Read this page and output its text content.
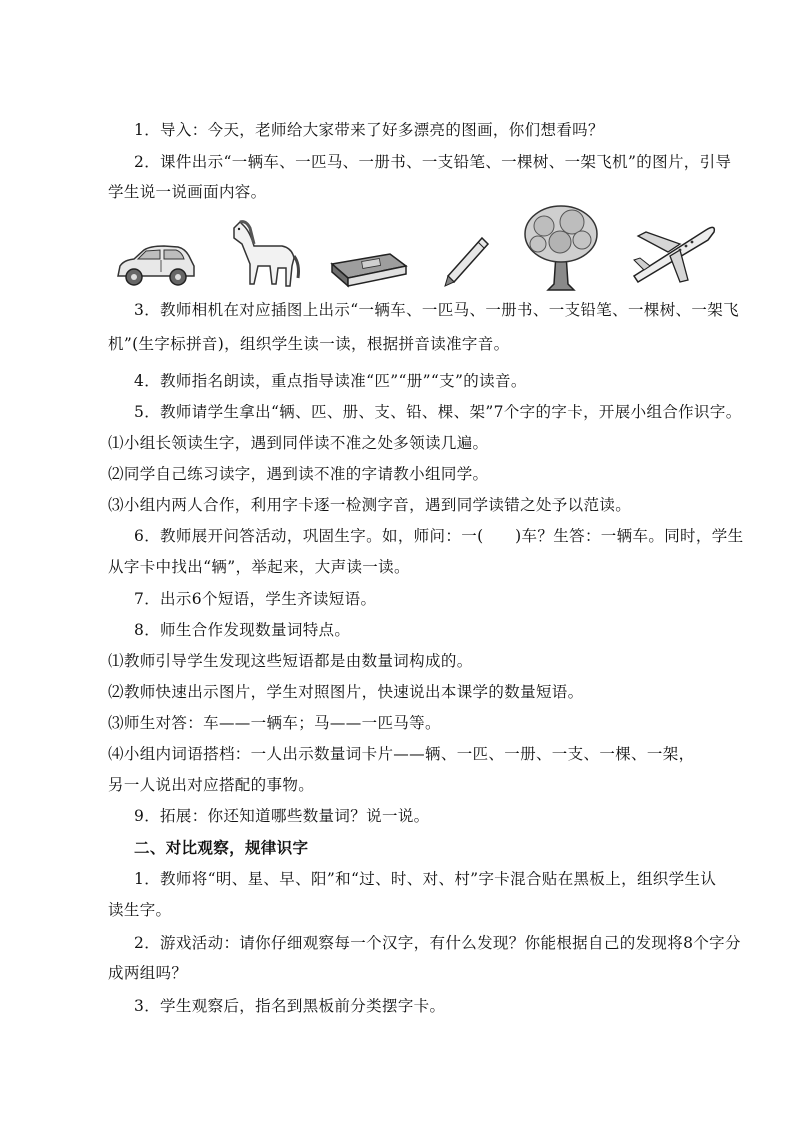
1．导入：今天，老师给大家带来了好多漂亮的图画，你们想看吗？
2．课件出示“一辆车、一匹马、一册书、一支铅笔、一棵树、一架飞机”的图片，引导
学生说一说画面内容。
3．教师相机在对应插图上出示“一辆车、一匹马、一册书、一支铅笔、一棵树、一架飞
机”(生字标拼音)，组织学生读一读，根据拼音读准字音。
4．教师指名朗读，重点指导读准“匹”“册”“支”的读音。
5．教师请学生拿出“辆、匹、册、支、铅、棵、架”7个字的字卡，开展小组合作识字。
⑴小组长领读生字，遇到同伴读不准之处多领读几遍。
⑵同学自己练习读字，遇到读不准的字请教小组同学。
⑶小组内两人合作，利用字卡逐一检测字音，遇到同学读错之处予以范读。
6．教师展开问答活动，巩固生字。如，师问：一(　　)车？生答：一辆车。同时，学生
从字卡中找出“辆”，举起来，大声读一读。
7．出示6个短语，学生齐读短语。
8．师生合作发现数量词特点。
⑴教师引导学生发现这些短语都是由数量词构成的。
⑵教师快速出示图片，学生对照图片，快速说出本课学的数量短语。
⑶师生对答：车——一辆车；马——一匹马等。
⑷小组内词语搭档：一人出示数量词卡片——辆、一匹、一册、一支、一棵、一架，
另一人说出对应搭配的事物。
9．拓展：你还知道哪些数量词？说一说。
二、对比观察，规律识字
1．教师将“明、星、早、阳”和“过、时、对、村”字卡混合贴在黑板上，组织学生认
读生字。
2．游戏活动：请你仔细观察每一个汉字，有什么发现？你能根据自己的发现将8个字分
成两组吗？
3．学生观察后，指名到黑板前分类摆字卡。
